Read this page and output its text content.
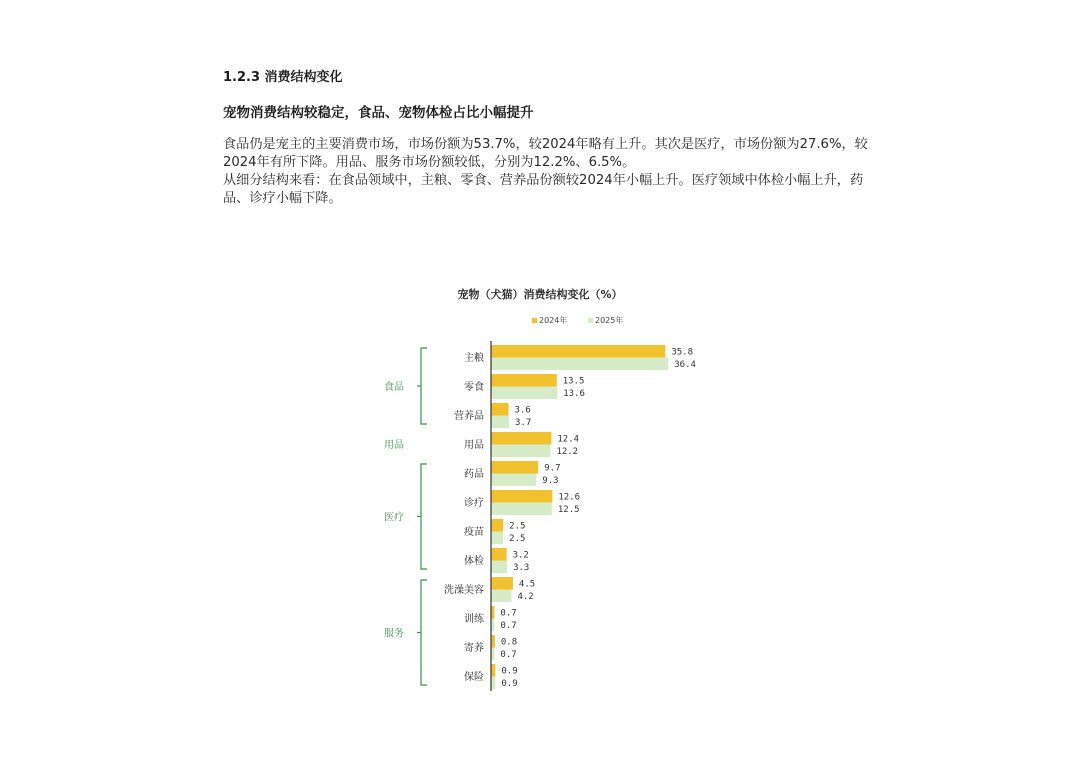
1.2.3 消费结构变化
宠物消费结构较稳定，食品、宠物体检占比小幅提升

食品仍是宠主的主要消费市场，市场份额为53.7%，较2024年略有上升。其次是医疗，市场份额为27.6%，较2024年有所下降。用品、服务市场份额较低，分别为12.2%、6.5%。

从细分结构来看：在食品领域中，主粮、零食、营养品份额较2024年小幅上升。医疗领域中体检小幅上升，药品、诊疗小幅下降。

宠物（犬猫）消费结构变化（%）
2024年	2025年
35.8
36.4
主粮
13.5
13.6
零食
3.6
3.7
营养品
12.4
12.2
用品
9.7
9.3
药品
12.6
12.5
诊疗
2.5
2.5
疫苗
3.2
3.3
体检
4.5
4.2
洗澡美容
0.7
0.7
训练
0.8
0.7
寄养
0.9
0.9
保险
食品
用品
医疗
服务
